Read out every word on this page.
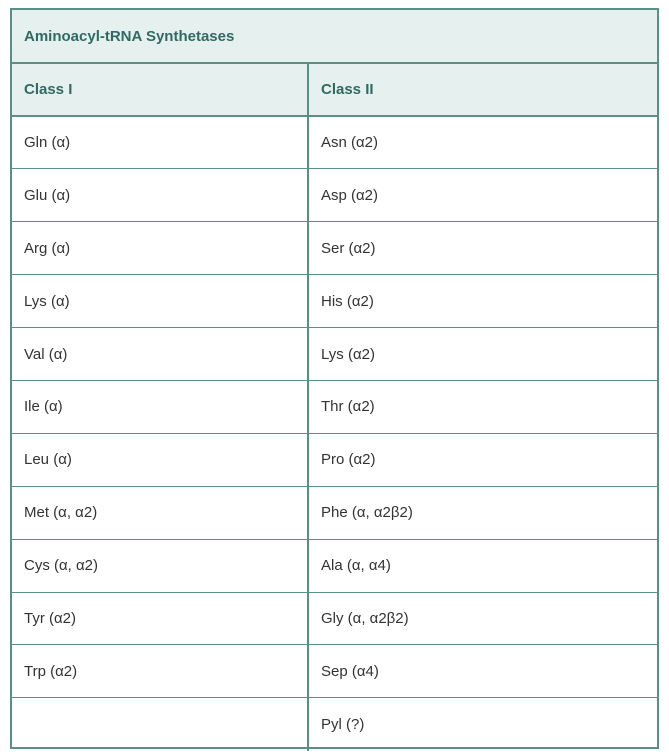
Aminoacyl-tRNA Synthetases	
Class I	Class II
Gln (α)	Asn (α2)
Glu (α)	Asp (α2)
Arg (α)	Ser (α2)
Lys (α)	His (α2)
Val (α)	Lys (α2)
Ile (α)	Thr (α2)
Leu (α)	Pro (α2)
Met (α, α2)	Phe (α, α2β2)
Cys (α, α2)	Ala (α, α4)
Tyr (α2)	Gly (α, α2β2)
Trp (α2)	Sep (α4)
	Pyl (?)
